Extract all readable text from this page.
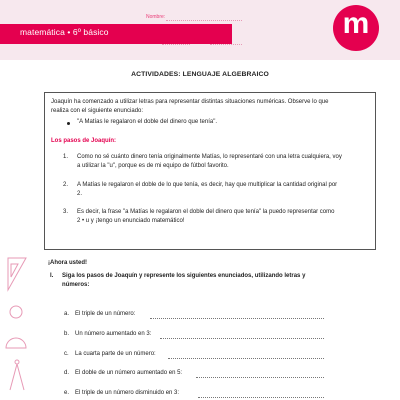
matemática • 6º básico
Nombre:
Curso:	Fecha:
m
ACTIVIDADES: LENGUAJE ALGEBRAICO
Joaquín ha comenzado a utilizar letras para representar distintas situaciones numéricas. Observe lo que
realiza con el siguiente enunciado:
"A Matías le regalaron el doble del dinero que tenía".
Los pasos de Joaquín:
1. Como no sé cuánto dinero tenía originalmente Matías, lo representaré con una letra cualquiera, voy
a utilizar la "u", porque es de mi equipo de fútbol favorito.
2. A Matías le regalaron el doble de lo que tenía, es decir, hay que multiplicar la cantidad original por
2.
3. Es decir, la frase "a Matías le regalaron el doble del dinero que tenía" la puedo representar como
2 • u y ¡tengo un enunciado matemático!
¡Ahora usted!
I. Siga los pasos de Joaquín y represente los siguientes enunciados, utilizando letras y
números:
a. El triple de un número:
b. Un número aumentado en 3:
c. La cuarta parte de un número:
d. El doble de un número aumentado en 5:
e. El triple de un número disminuido en 3:
